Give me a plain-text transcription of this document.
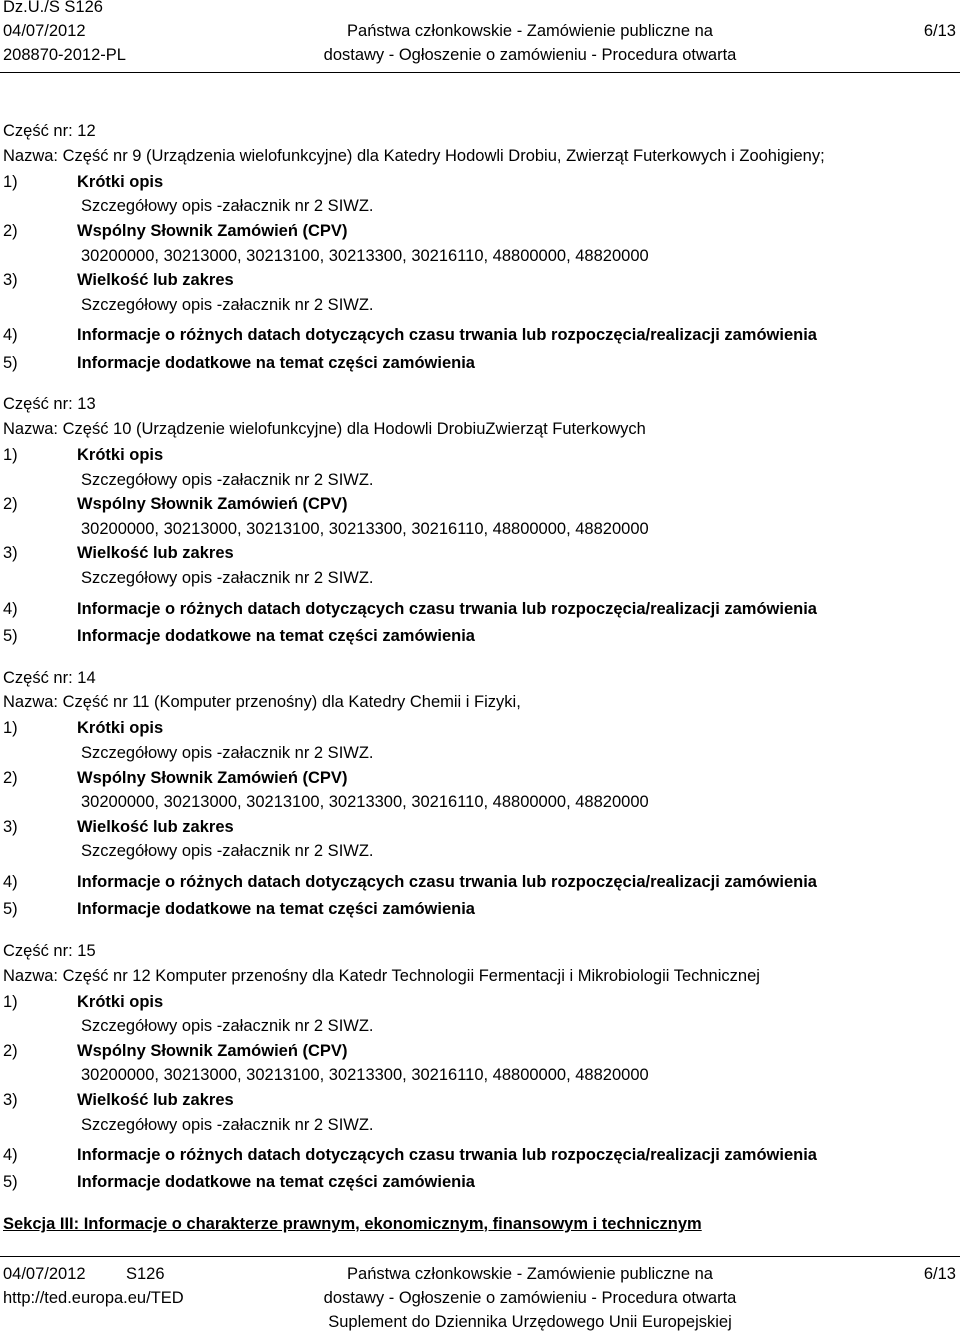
Dz.U./S S126
04/07/2012
208870-2012-PL
Państwa członkowskie - Zamówienie publiczne na
dostawy - Ogłoszenie o zamówieniu - Procedura otwarta
6/13
Część nr: 12
Nazwa: Część nr 9 (Urządzenia wielofunkcyjne) dla Katedry Hodowli Drobiu, Zwierząt Futerkowych i Zoohigieny;
1)	Krótki opis
Szczegółowy opis -załacznik nr 2 SIWZ.
2)	Wspólny Słownik Zamówień (CPV)
30200000, 30213000, 30213100, 30213300, 30216110, 48800000, 48820000
3)	Wielkość lub zakres
Szczegółowy opis -załacznik nr 2 SIWZ.
4)	Informacje o różnych datach dotyczących czasu trwania lub rozpoczęcia/realizacji zamówienia
5)	Informacje dodatkowe na temat części zamówienia
Część nr: 13
Nazwa: Część 10 (Urządzenie wielofunkcyjne) dla Hodowli DrobiuZwierząt Futerkowych
1)	Krótki opis
Szczegółowy opis -załacznik nr 2 SIWZ.
2)	Wspólny Słownik Zamówień (CPV)
30200000, 30213000, 30213100, 30213300, 30216110, 48800000, 48820000
3)	Wielkość lub zakres
Szczegółowy opis -załacznik nr 2 SIWZ.
4)	Informacje o różnych datach dotyczących czasu trwania lub rozpoczęcia/realizacji zamówienia
5)	Informacje dodatkowe na temat części zamówienia
Część nr: 14
Nazwa: Część nr 11 (Komputer przenośny) dla Katedry Chemii i Fizyki,
1)	Krótki opis
Szczegółowy opis -załacznik nr 2 SIWZ.
2)	Wspólny Słownik Zamówień (CPV)
30200000, 30213000, 30213100, 30213300, 30216110, 48800000, 48820000
3)	Wielkość lub zakres
Szczegółowy opis -załacznik nr 2 SIWZ.
4)	Informacje o różnych datach dotyczących czasu trwania lub rozpoczęcia/realizacji zamówienia
5)	Informacje dodatkowe na temat części zamówienia
Część nr: 15
Nazwa: Część nr 12 Komputer przenośny dla Katedr Technologii Fermentacji i Mikrobiologii Technicznej
1)	Krótki opis
Szczegółowy opis -załacznik nr 2 SIWZ.
2)	Wspólny Słownik Zamówień (CPV)
30200000, 30213000, 30213100, 30213300, 30216110, 48800000, 48820000
3)	Wielkość lub zakres
Szczegółowy opis -załacznik nr 2 SIWZ.
4)	Informacje o różnych datach dotyczących czasu trwania lub rozpoczęcia/realizacji zamówienia
5)	Informacje dodatkowe na temat części zamówienia
Sekcja III: Informacje o charakterze prawnym, ekonomicznym, finansowym i technicznym
04/07/2012 S126
http://ted.europa.eu/TED
Państwa członkowskie - Zamówienie publiczne na
dostawy - Ogłoszenie o zamówieniu - Procedura otwarta
Suplement do Dziennika Urzędowego Unii Europejskiej
6/13
